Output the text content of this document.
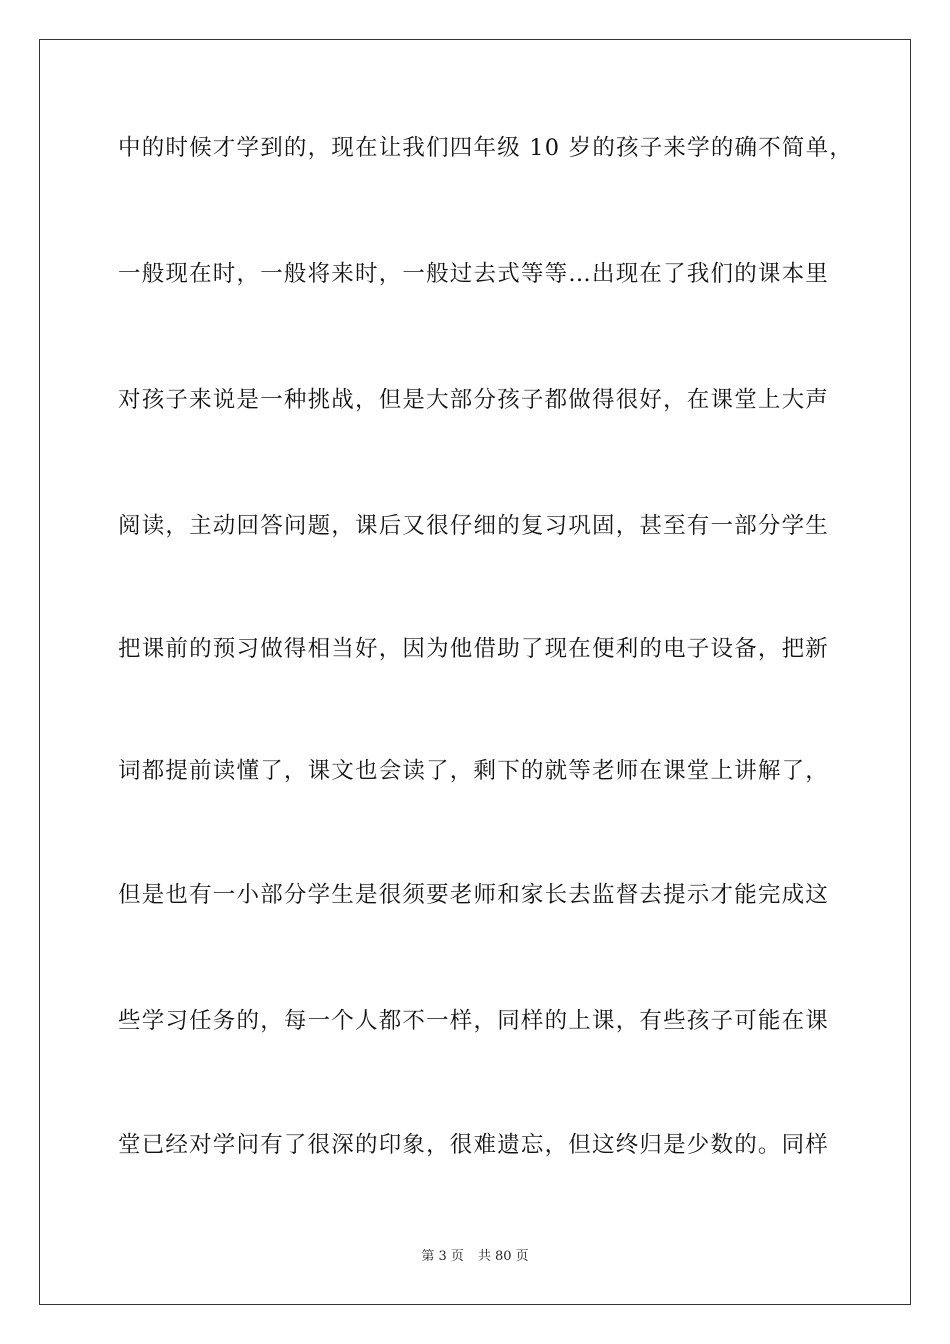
中的时候才学到的，现在让我们四年级 10 岁的孩子来学的确不简单，
一般现在时，一般将来时，一般过去式等等…出现在了我们的课本里
对孩子来说是一种挑战，但是大部分孩子都做得很好，在课堂上大声
阅读，主动回答问题，课后又很仔细的复习巩固，甚至有一部分学生
把课前的预习做得相当好，因为他借助了现在便利的电子设备，把新
词都提前读懂了，课文也会读了，剩下的就等老师在课堂上讲解了，
但是也有一小部分学生是很须要老师和家长去监督去提示才能完成这
些学习任务的，每一个人都不一样，同样的上课，有些孩子可能在课
堂已经对学问有了很深的印象，很难遗忘，但这终归是少数的。同样
第 3 页 共 80 页
